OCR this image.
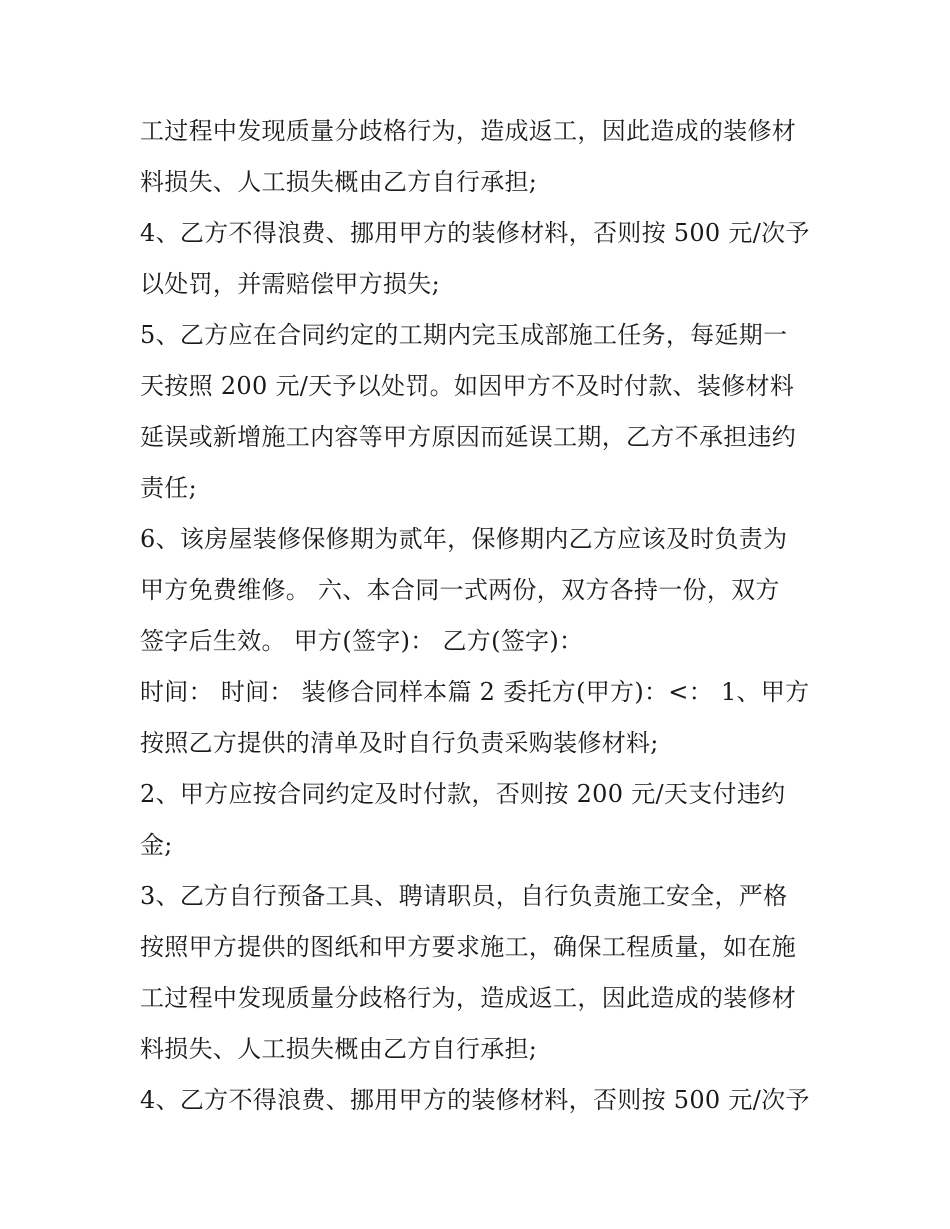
工过程中发现质量分歧格行为，造成返工，因此造成的装修材
料损失、人工损失概由乙方自行承担;
4、乙方不得浪费、挪用甲方的装修材料，否则按 500 元/次予
以处罚，并需赔偿甲方损失;
5、乙方应在合同约定的工期内完玉成部施工任务，每延期一
天按照 200 元/天予以处罚。如因甲方不及时付款、装修材料
延误或新增施工内容等甲方原因而延误工期，乙方不承担违约
责任;
6、该房屋装修保修期为贰年，保修期内乙方应该及时负责为
甲方免费维修。 六、本合同一式两份，双方各持一份，双方
签字后生效。 甲方(签字)： 乙方(签字)：
时间： 时间： 装修合同样本篇 2 委托方(甲方)：<： 1、甲方
按照乙方提供的清单及时自行负责采购装修材料;
2、甲方应按合同约定及时付款，否则按 200 元/天支付违约
金;
3、乙方自行预备工具、聘请职员，自行负责施工安全，严格
按照甲方提供的图纸和甲方要求施工，确保工程质量，如在施
工过程中发现质量分歧格行为，造成返工，因此造成的装修材
料损失、人工损失概由乙方自行承担;
4、乙方不得浪费、挪用甲方的装修材料，否则按 500 元/次予
